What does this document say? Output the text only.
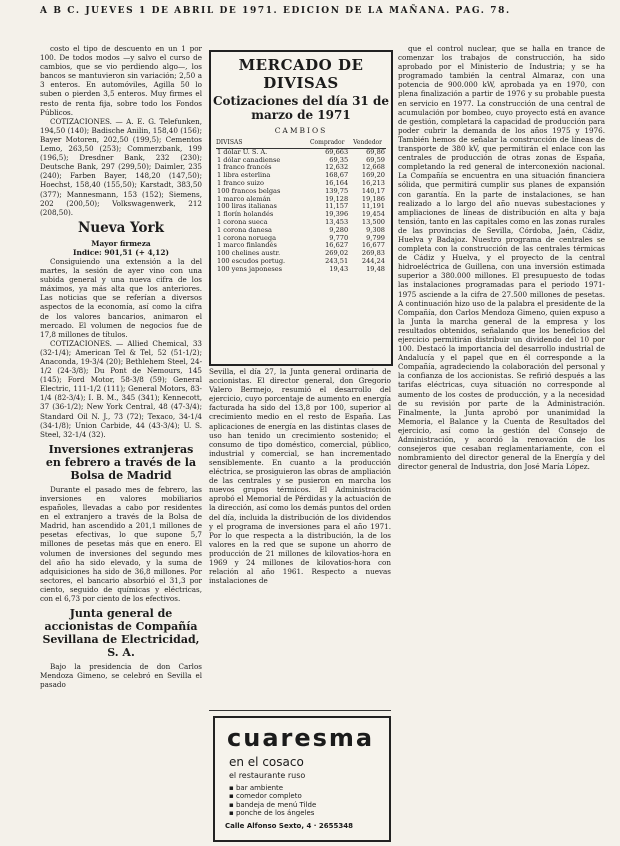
A B C. JUEVES 1 DE ABRIL DE 1971. EDICION DE LA MAÑANA. PAG. 78.

costo el tipo de descuento en un 1 por 100. De todos modos —y salvo el curso de cambios, que se vio perdiendo algo—, los bancos se mantuvieron sin variación; 2,50 a 3 enteros. En automóviles, Agilla 50 lo suben o pierden 3,5 enteros. Muy firmes el resto de renta fija, sobre todo los Fondos Públicos.

COTIZACIONES. — A. E. G. Telefunken, 194,50 (140); Badische Anilin, 158,40 (156); Bayer Motoren, 202,50 (199,5); Cementos Lemo, 263,50 (253); Commerzbank, 199 (196,5); Dresdner Bank, 232 (230); Deutsche Bank, 297 (299,50); Daimler, 235 (240); Farben Bayer, 148,20 (147,50); Hoechst, 158,40 (155,50); Karstadt, 383,50 (377); Mannesmann, 153 (152); Siemens, 202 (200,50); Volkswagenwerk, 212 (208,50).

Nueva York

Mayor firmeza

Indice: 901,51 (+ 4,12)

Consiguiendo una extensión a la del martes, la sesión de ayer vino con una subida general y una nueva cifra de los máximos, ya más alta que los anteriores. Las noticias que se referían a diversos aspectos de la economía, así como la cifra de los valores bancarios, animaron el mercado. El volumen de negocios fue de 17,8 millones de títulos.

COTIZACIONES. — Allied Chemical, 33 (32-1/4); American Tel & Tel, 52 (51-1/2); Anaconda, 19-3/4 (20); Bethlehem Steel, 24-1/2 (24-3/8); Du Pont de Nemours, 145 (145); Ford Motor, 58-3/8 (59); General Electric, 111-1/2 (111); General Motors, 83-1/4 (82-3/4); I. B. M., 345 (341); Kennecott, 37 (36-1/2); New York Central, 48 (47-3/4); Standard Oil N. J., 73 (72); Texaco, 34-1/4 (34-1/8); Union Carbide, 44 (43-3/4); U. S. Steel, 32-1/4 (32).

Inversiones extranjeras en febrero a través de la Bolsa de Madrid

Durante el pasado mes de febrero, las inversiones en valores mobiliarios españoles, llevadas a cabo por residentes en el extranjero a través de la Bolsa de Madrid, han ascendido a 201,1 millones de pesetas efectivas, lo que supone 5,7 millones de pesetas más que en enero. El volumen de inversiones del segundo mes del año ha sido elevado, y la suma de adquisiciones ha sido de 36,8 millones. Por sectores, el bancario absorbió el 31,3 por ciento, seguido de químicas y eléctricas, con el 6,73 por ciento de los efectivos.

Junta general de accionistas de Compañía Sevillana de Electricidad, S. A.

Bajo la presidencia de don Carlos Mendoza Gimeno, se celebró en Sevilla el pasado

MERCADO DE DIVISAS
Cotizaciones del día 31 de marzo de 1971
CAMBIOS
DIVISAS	Comprador	Vendedor
1 dólar U. S. A.	69,663	69,86
1 dólar canadiense	69,35	69,59
1 franco francés	12,632	12,668
1 libra esterlina	168,67	169,20
1 franco suizo	16,164	16,213
100 francos belgas	139,75	140,17
1 marco alemán	19,128	19,186
100 liras italianas	11,157	11,191
1 florín holandés	19,396	19,454
1 corona sueca	13,453	13,500
1 corona danesa	9,280	9,308
1 corona noruega	9,770	9,799
1 marco finlandés	16,627	16,677
100 chelines austr.	269,02	269,83
100 escudos portug.	243,51	244,24
100 yens japoneses	19,43	19,48

Sevilla, el día 27, la Junta general ordinaria de accionistas. El director general, don Gregorio Valero Bermejo, resumió el desarrollo del ejercicio, cuyo porcentaje de aumento en energía facturada ha sido del 13,8 por 100, superior al crecimiento medio en el resto de España. Las aplicaciones de energía en las distintas clases de uso han tenido un crecimiento sostenido; el consumo de tipo doméstico, comercial, público, industrial y comercial, se han incrementado sensiblemente. En cuanto a la producción eléctrica, se prosiguieron las obras de ampliación de las centrales y se pusieron en marcha los nuevos grupos térmicos. El Administración aprobó el Memorial de Pérdidas y la actuación de la dirección, así como los demás puntos del orden del día, incluida la distribución de los dividendos y el programa de inversiones para el año 1971. Por lo que respecta a la distribución, la de los valores en la red que se supone un ahorro de producción de 21 millones de kilovatios-hora en 1969 y 24 millones de kilovatios-hora con relación al año 1961. Respecto a nuevas instalaciones de

cuaresma
en el cosaco
el restaurante ruso
▪ bar ambiente
▪ comedor completo
▪ bandeja de menú Tilde
▪ ponche de los ángeles
Calle Alfonso Sexto, 4 · 2655348

que el control nuclear, que se halla en trance de comenzar los trabajos de construcción, ha sido aprobado por el Ministerio de Industria; y se ha programado también la central Almaraz, con una potencia de 900.000 kW, aprobada ya en 1970, con plena finalización a partir de 1976 y su probable puesta en servicio en 1977. La construcción de una central de acumulación por bombeo, cuyo proyecto está en avance de gestión, completará la capacidad de producción para poder cubrir la demanda de los años 1975 y 1976. También hemos de señalar la construcción de líneas de transporte de 380 kV, que permitirán el enlace con las centrales de producción de otras zonas de España, completando la red general de interconexión nacional. La Compañía se encuentra en una situación financiera sólida, que permitirá cumplir sus planes de expansión con garantía. En la parte de instalaciones, se han realizado a lo largo del año nuevas subestaciones y ampliaciones de líneas de distribución en alta y baja tensión, tanto en las capitales como en las zonas rurales de las provincias de Sevilla, Córdoba, Jaén, Cádiz, Huelva y Badajoz. Nuestro programa de centrales se completa con la construcción de las centrales térmicas de Cádiz y Huelva, y el proyecto de la central hidroeléctrica de Guillena, con una inversión estimada superior a 380.000 millones. El presupuesto de todas las instalaciones programadas para el periodo 1971-1975 asciende a la cifra de 27.500 millones de pesetas. A continuación hizo uso de la palabra el presidente de la Compañía, don Carlos Mendoza Gimeno, quien expuso a la Junta la marcha general de la empresa y los resultados obtenidos, señalando que los beneficios del ejercicio permitirán distribuir un dividendo del 10 por 100. Destacó la importancia del desarrollo industrial de Andalucía y el papel que en él corresponde a la Compañía, agradeciendo la colaboración del personal y la confianza de los accionistas. Se refirió después a las tarifas eléctricas, cuya situación no corresponde al aumento de los costes de producción, y a la necesidad de su revisión por parte de la Administración. Finalmente, la Junta aprobó por unanimidad la Memoria, el Balance y la Cuenta de Resultados del ejercicio, así como la gestión del Consejo de Administración, y acordó la renovación de los consejeros que cesaban reglamentariamente, con el nombramiento del director general de la Energía y del director general de Industria, don José María López.
